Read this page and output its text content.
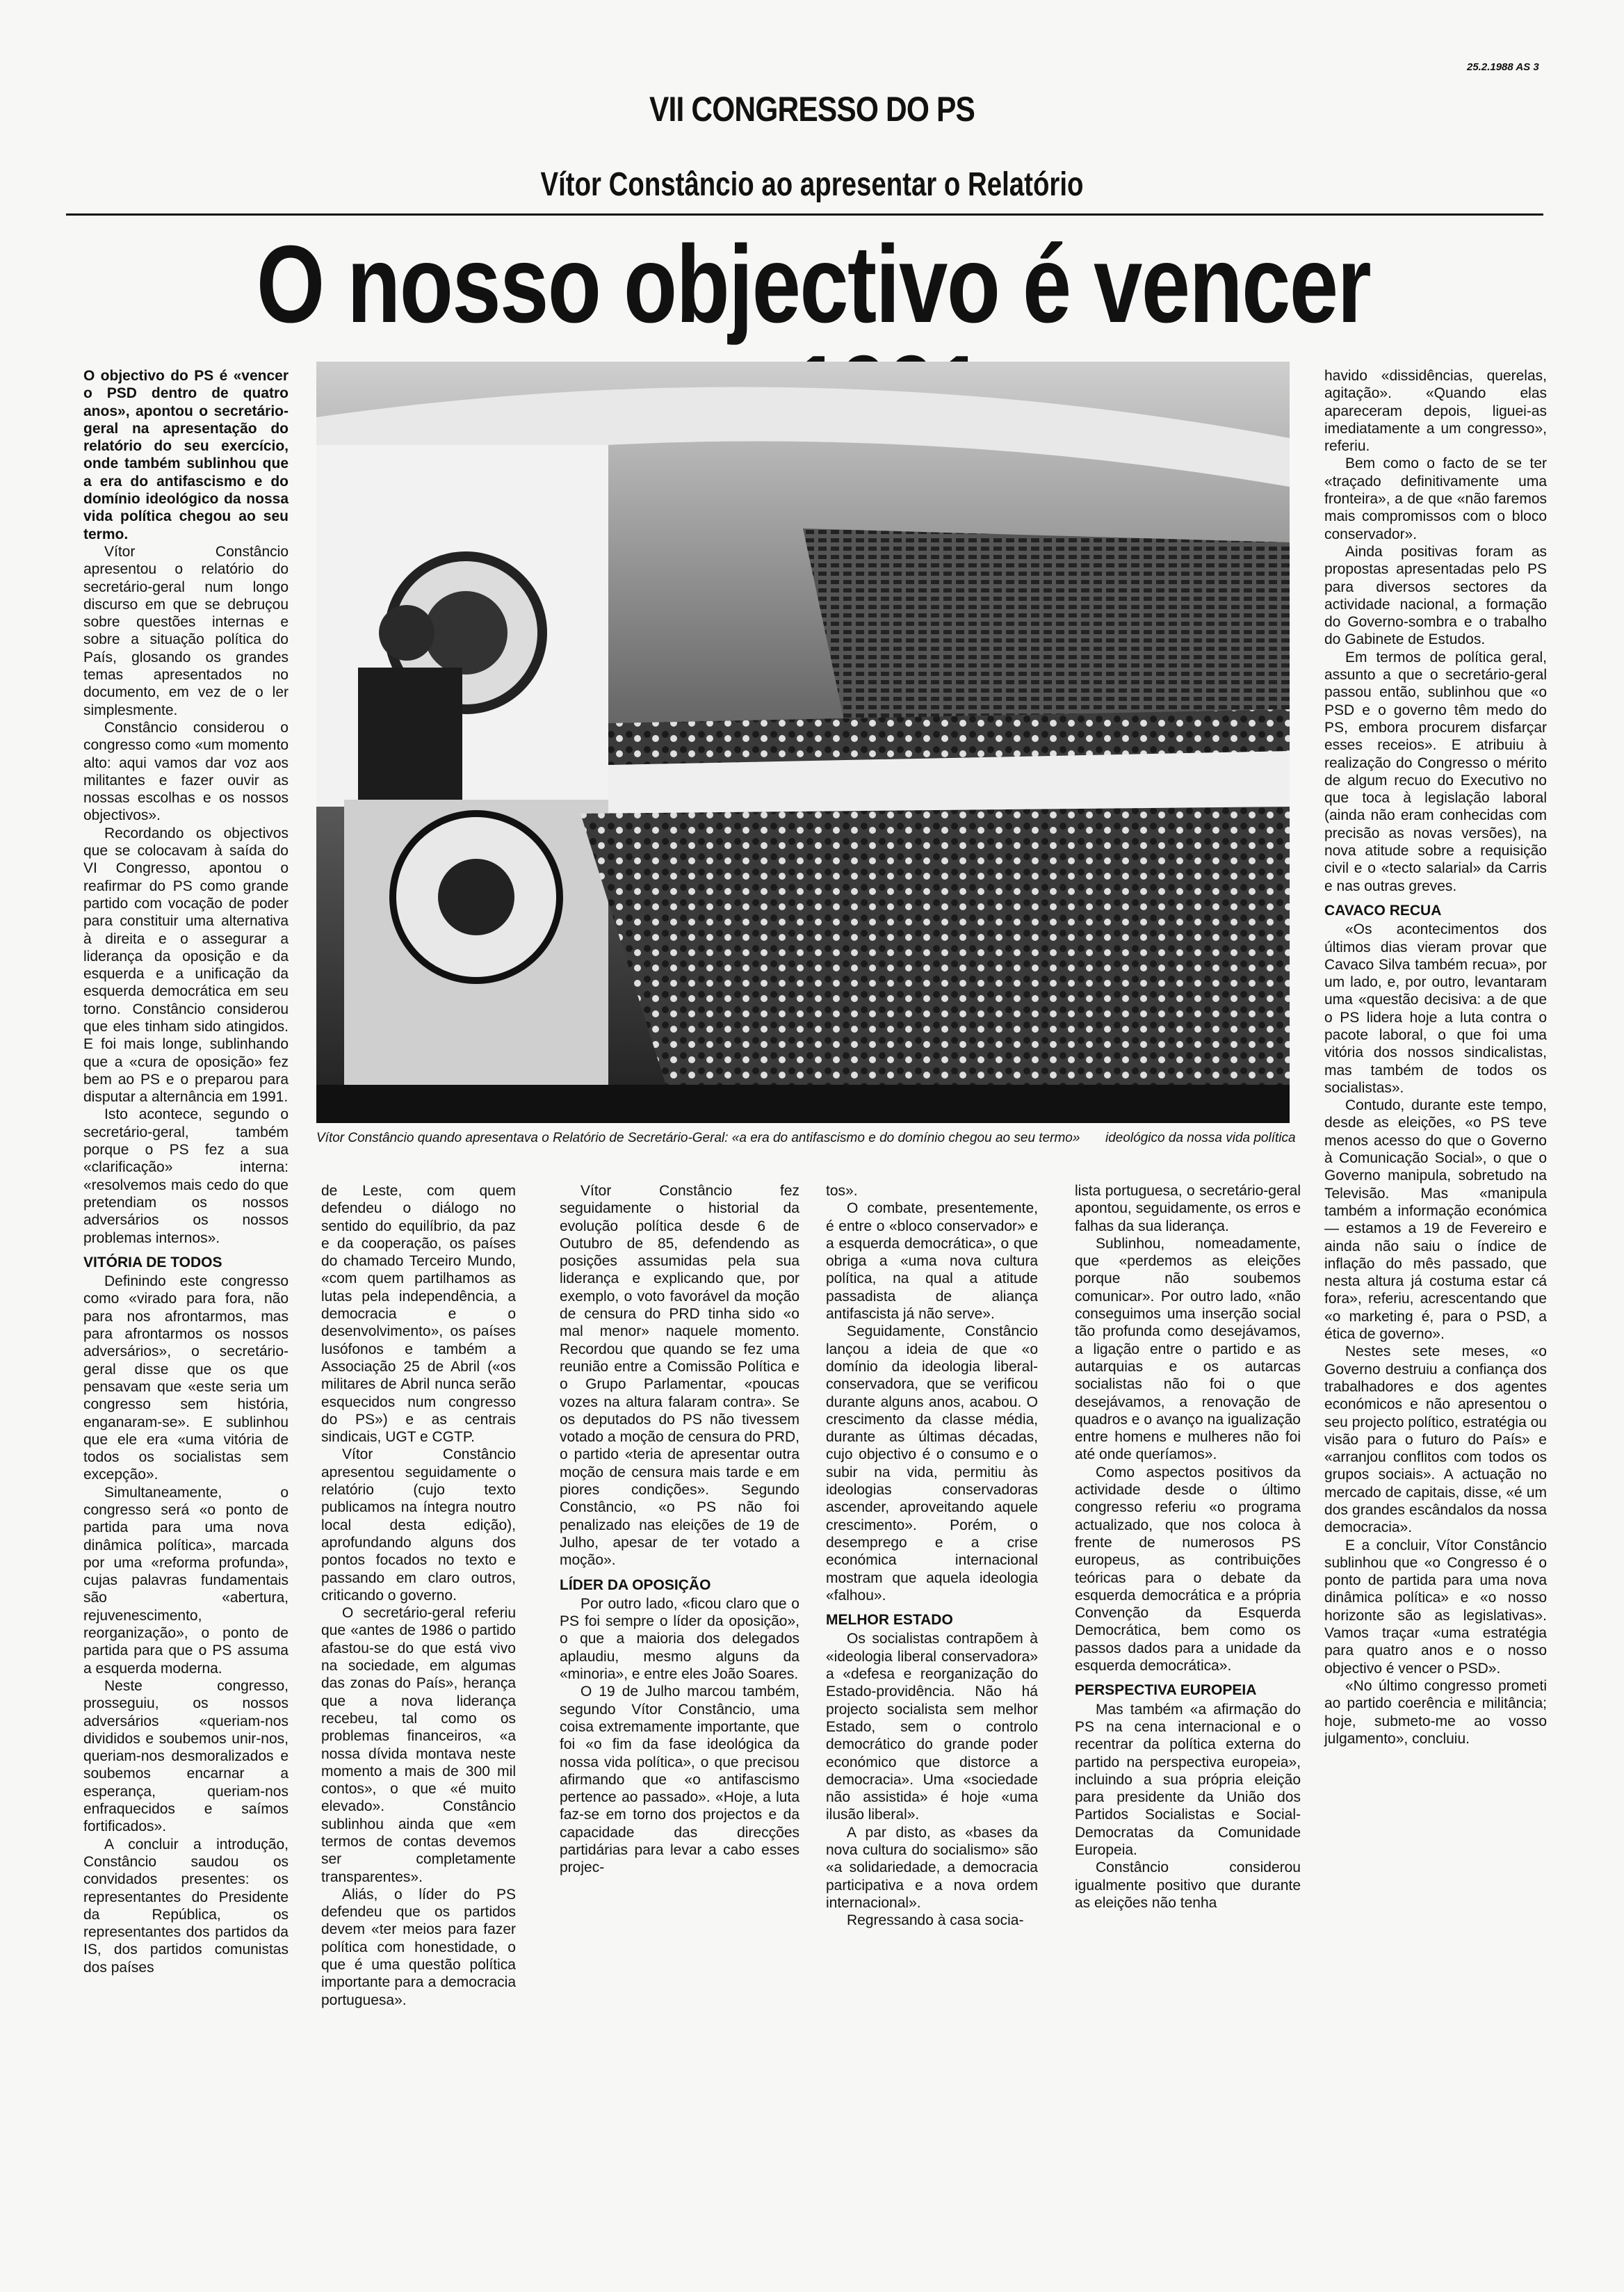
25.2.1988 AS 3
VII CONGRESSO DO PS
Vítor Constâncio ao apresentar o Relatório
O nosso objectivo é vencer

O objectivo do PS é «vencer o PSD dentro de quatro anos», apontou o secretário-geral na apresentação do relatório do seu exercício, onde também sublinhou que a era do antifascismo e do domínio ideológico da nossa vida política chegou ao seu termo.

Vítor Constâncio apresentou o relatório do secretário-geral num longo discurso em que se debruçou sobre questões internas e sobre a situação política do País, glosando os grandes temas apresentados no documento, em vez de o ler simplesmente.

Constâncio considerou o congresso como «um momento alto: aqui vamos dar voz aos militantes e fazer ouvir as nossas escolhas e os nossos objectivos».

Recordando os objectivos que se colocavam à saída do VI Congresso, apontou o reafirmar do PS como grande partido com vocação de poder para constituir uma alternativa à direita e o assegurar a liderança da oposição e da esquerda e a unificação da esquerda democrática em seu torno. Constâncio considerou que eles tinham sido atingidos. E foi mais longe, sublinhando que a «cura de oposição» fez bem ao PS e o preparou para disputar a alternância em 1991.

Isto acontece, segundo o secretário-geral, também porque o PS fez a sua «clarificação» interna: «resolvemos mais cedo do que pretendiam os nossos adversários os nossos problemas internos».

VITÓRIA DE TODOS

Definindo este congresso como «virado para fora, não para nos afrontarmos, mas para afrontarmos os nossos adversários», o secretário-geral disse que os que pensavam que «este seria um congresso sem história, enganaram-se». E sublinhou que ele era «uma vitória de todos os socialistas sem excepção».

Simultaneamente, o congresso será «o ponto de partida para uma nova dinâmica política», marcada por uma «reforma profunda», cujas palavras fundamentais são «abertura, rejuvenescimento, reorganização», o ponto de partida para que o PS assuma a esquerda moderna.

Neste congresso, prosseguiu, os nossos adversários «queriam-nos divididos e soubemos unir-nos, queriam-nos desmoralizados e soubemos encarnar a esperança, queriam-nos enfraquecidos e saímos fortificados».

A concluir a introdução, Constâncio saudou os convidados presentes: os representantes do Presidente da República, os representantes dos partidos da IS, dos partidos comunistas dos países

Vítor Constâncio quando apresentava o Relatório de Secretário-Geral: «a era do antifascismo e do domínio chegou ao seu termo» ideológico da nossa vida política

de Leste, com quem defendeu o diálogo no sentido do equilíbrio, da paz e da cooperação, os países do chamado Terceiro Mundo, «com quem partilhamos as lutas pela independência, a democracia e o desenvolvimento», os países lusófonos e também a Associação 25 de Abril («os militares de Abril nunca serão esquecidos num congresso do PS») e as centrais sindicais, UGT e CGTP.

Vítor Constâncio apresentou seguidamente o relatório (cujo texto publicamos na íntegra noutro local desta edição), aprofundando alguns dos pontos focados no texto e passando em claro outros, criticando o governo.

O secretário-geral referiu que «antes de 1986 o partido afastou-se do que está vivo na sociedade, em algumas das zonas do País», herança que a nova liderança recebeu, tal como os problemas financeiros, «a nossa dívida montava neste momento a mais de 300 mil contos», o que «é muito elevado». Constâncio sublinhou ainda que «em termos de contas devemos ser completamente transparentes».

Aliás, o líder do PS defendeu que os partidos devem «ter meios para fazer política com honestidade, o que é uma questão política importante para a democracia portuguesa».

Vítor Constâncio fez seguidamente o historial da evolução política desde 6 de Outubro de 85, defendendo as posições assumidas pela sua liderança e explicando que, por exemplo, o voto favorável da moção de censura do PRD tinha sido «o mal menor» naquele momento. Recordou que quando se fez uma reunião entre a Comissão Política e o Grupo Parlamentar, «poucas vozes na altura falaram contra». Se os deputados do PS não tivessem votado a moção de censura do PRD, o partido «teria de apresentar outra moção de censura mais tarde e em piores condições». Segundo Constâncio, «o PS não foi penalizado nas eleições de 19 de Julho, apesar de ter votado a moção».

LÍDER DA OPOSIÇÃO

Por outro lado, «ficou claro que o PS foi sempre o líder da oposição», o que a maioria dos delegados aplaudiu, mesmo alguns da «minoria», e entre eles João Soares.

O 19 de Julho marcou também, segundo Vítor Constâncio, uma coisa extremamente importante, que foi «o fim da fase ideológica da nossa vida política», o que precisou afirmando que «o antifascismo pertence ao passado». «Hoje, a luta faz-se em torno dos projectos e da capacidade das direcções partidárias para levar a cabo esses projec-

tos».

O combate, presentemente, é entre o «bloco conservador» e a esquerda democrática», o que obriga a «uma nova cultura política, na qual a atitude passadista de aliança antifascista já não serve».

Seguidamente, Constâncio lançou a ideia de que «o domínio da ideologia liberal-conservadora, que se verificou durante alguns anos, acabou. O crescimento da classe média, durante as últimas décadas, cujo objectivo é o consumo e o subir na vida, permitiu às ideologias conservadoras ascender, aproveitando aquele crescimento». Porém, o desemprego e a crise económica internacional mostram que aquela ideologia «falhou».

MELHOR ESTADO

Os socialistas contrapõem à «ideologia liberal conservadora» a «defesa e reorganização do Estado-providência. Não há projecto socialista sem melhor Estado, sem o controlo democrático do grande poder económico que distorce a democracia». Uma «sociedade não assistida» é hoje «uma ilusão liberal».

A par disto, as «bases da nova cultura do socialismo» são «a solidariedade, a democracia participativa e a nova ordem internacional».

Regressando à casa socia-

lista portuguesa, o secretário-geral apontou, seguidamente, os erros e falhas da sua liderança.

Sublinhou, nomeadamente, que «perdemos as eleições porque não soubemos comunicar». Por outro lado, «não conseguimos uma inserção social tão profunda como desejávamos, a ligação entre o partido e as autarquias e os autarcas socialistas não foi o que desejávamos, a renovação de quadros e o avanço na igualização entre homens e mulheres não foi até onde queríamos».

Como aspectos positivos da actividade desde o último congresso referiu «o programa actualizado, que nos coloca à frente de numerosos PS europeus, as contribuições teóricas para o debate da esquerda democrática e a própria Convenção da Esquerda Democrática, bem como os passos dados para a unidade da esquerda democrática».

PERSPECTIVA EUROPEIA

Mas também «a afirmação do PS na cena internacional e o recentrar da política externa do partido na perspectiva europeia», incluindo a sua própria eleição para presidente da União dos Partidos Socialistas e Social-Democratas da Comunidade Europeia.

Constâncio considerou igualmente positivo que durante as eleições não tenha

havido «dissidências, querelas, agitação». «Quando elas apareceram depois, liguei-as imediatamente a um congresso», referiu.

Bem como o facto de se ter «traçado definitivamente uma fronteira», a de que «não faremos mais compromissos com o bloco conservador».

Ainda positivas foram as propostas apresentadas pelo PS para diversos sectores da actividade nacional, a formação do Governo-sombra e o trabalho do Gabinete de Estudos.

Em termos de política geral, assunto a que o secretário-geral passou então, sublinhou que «o PSD e o governo têm medo do PS, embora procurem disfarçar esses receios». E atribuiu à realização do Congresso o mérito de algum recuo do Executivo no que toca à legislação laboral (ainda não eram conhecidas com precisão as novas versões), na nova atitude sobre a requisição civil e o «tecto salarial» da Carris e nas outras greves.

CAVACO RECUA

«Os acontecimentos dos últimos dias vieram provar que Cavaco Silva também recua», por um lado, e, por outro, levantaram uma «questão decisiva: a de que o PS lidera hoje a luta contra o pacote laboral, o que foi uma vitória dos nossos sindicalistas, mas também de todos os socialistas».

Contudo, durante este tempo, desde as eleições, «o PS teve menos acesso do que o Governo à Comunicação Social», o que o Governo manipula, sobretudo na Televisão. Mas «manipula também a informação económica — estamos a 19 de Fevereiro e ainda não saiu o índice de inflação do mês passado, que nesta altura já costuma estar cá fora», referiu, acrescentando que «o marketing é, para o PSD, a ética de governo».

Nestes sete meses, «o Governo destruiu a confiança dos trabalhadores e dos agentes económicos e não apresentou o seu projecto político, estratégia ou visão para o futuro do País» e «arranjou conflitos com todos os grupos sociais». A actuação no mercado de capitais, disse, «é um dos grandes escândalos da nossa democracia».

E a concluir, Vítor Constâncio sublinhou que «o Congresso é o ponto de partida para uma nova dinâmica política» e «o nosso horizonte são as legislativas». Vamos traçar «uma estratégia para quatro anos e o nosso objectivo é vencer o PSD».

«No último congresso prometi ao partido coerência e militância; hoje, submeto-me ao vosso julgamento», concluiu.
